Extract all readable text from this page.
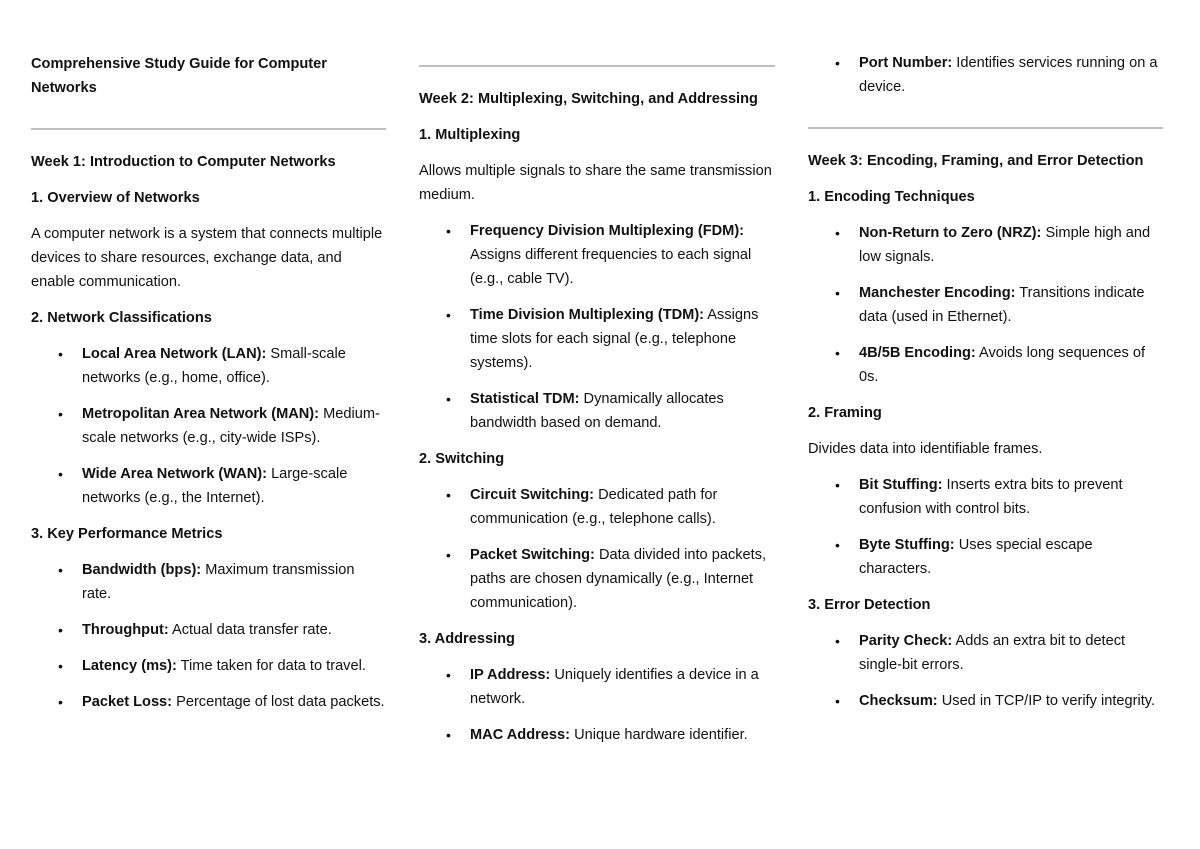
Comprehensive Study Guide for Computer Networks
Week 1: Introduction to Computer Networks
1. Overview of Networks

A computer network is a system that connects multiple devices to share resources, exchange data, and enable communication.

2. Network Classifications
• Local Area Network (LAN): Small-scale networks (e.g., home, office).
• Metropolitan Area Network (MAN): Medium-scale networks (e.g., city-wide ISPs).
• Wide Area Network (WAN): Large-scale networks (e.g., the Internet).
3. Key Performance Metrics
• Bandwidth (bps): Maximum transmission rate.
• Throughput: Actual data transfer rate.
• Latency (ms): Time taken for data to travel.
• Packet Loss: Percentage of lost data packets.
Week 2: Multiplexing, Switching, and Addressing
1. Multiplexing

Allows multiple signals to share the same transmission medium.

• Frequency Division Multiplexing (FDM): Assigns different frequencies to each signal (e.g., cable TV).
• Time Division Multiplexing (TDM): Assigns time slots for each signal (e.g., telephone systems).
• Statistical TDM: Dynamically allocates bandwidth based on demand.
2. Switching
• Circuit Switching: Dedicated path for communication (e.g., telephone calls).
• Packet Switching: Data divided into packets, paths are chosen dynamically (e.g., Internet communication).
3. Addressing
• IP Address: Uniquely identifies a device in a network.
• MAC Address: Unique hardware identifier.
• Port Number: Identifies services running on a device.
Week 3: Encoding, Framing, and Error Detection
1. Encoding Techniques
• Non-Return to Zero (NRZ): Simple high and low signals.
• Manchester Encoding: Transitions indicate data (used in Ethernet).
• 4B/5B Encoding: Avoids long sequences of 0s.
2. Framing

Divides data into identifiable frames.

• Bit Stuffing: Inserts extra bits to prevent confusion with control bits.
• Byte Stuffing: Uses special escape characters.
3. Error Detection
• Parity Check: Adds an extra bit to detect single-bit errors.
• Checksum: Used in TCP/IP to verify integrity.
